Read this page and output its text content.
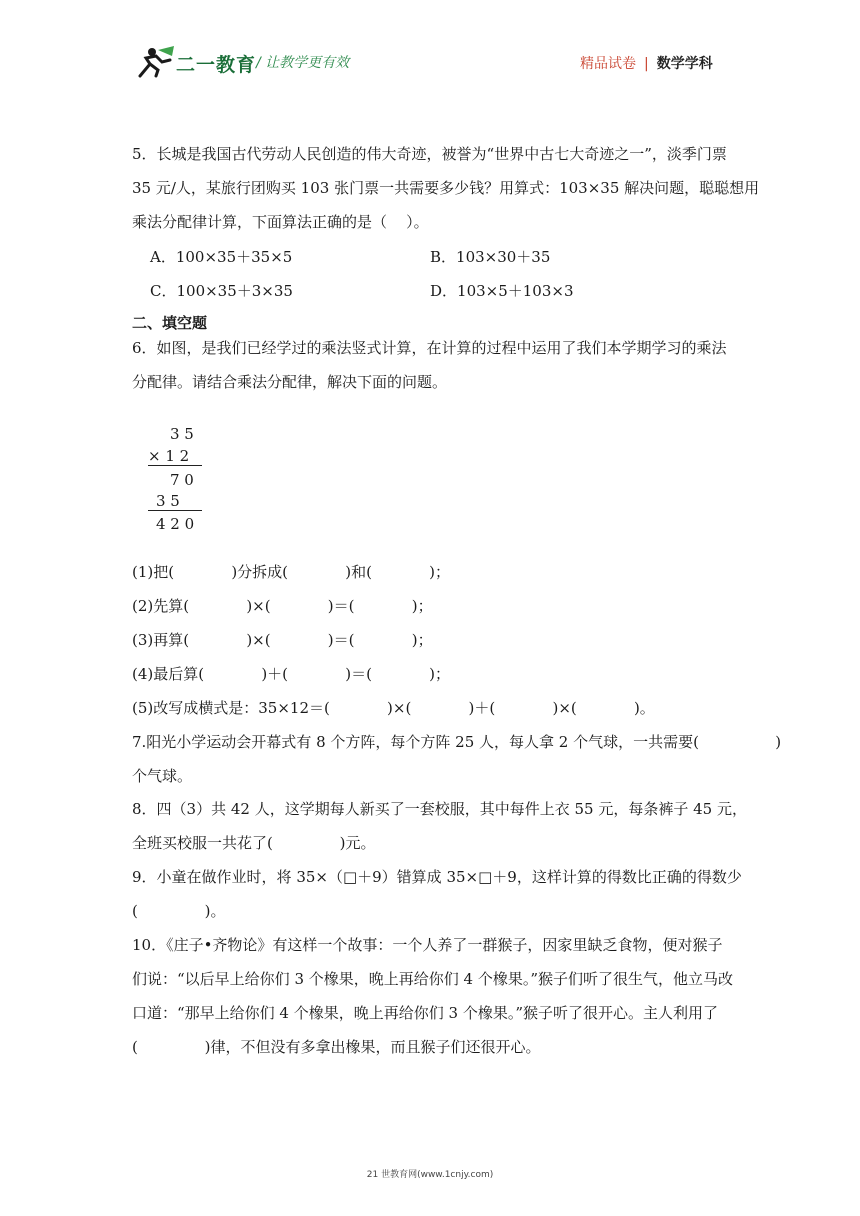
二一教育 / 让教学更有效	精品试卷 | 数学学科
5．长城是我国古代劳动人民创造的伟大奇迹，被誉为“世界中古七大奇迹之一”，淡季门票
35 元/人，某旅行团购买 103 张门票一共需要多少钱？用算式：103×35 解决问题，聪聪想用
乘法分配律计算，下面算法正确的是（    ）。
A．100×35＋35×5	B．103×30＋35
C．100×35＋3×35	D．103×5＋103×3
二、填空题
6．如图，是我们已经学过的乘法竖式计算，在计算的过程中运用了我们本学期学习的乘法
分配律。请结合乘法分配律，解决下面的问题。
3 5
× 1 2
7 0
3 5
4 2 0
(1)把(            )分拆成(            )和(            )；
(2)先算(            )×(            )＝(            )；
(3)再算(            )×(            )＝(            )；
(4)最后算(            )＋(            )＝(            )；
(5)改写成横式是：35×12＝(            )×(            )＋(            )×(            )。
7.阳光小学运动会开幕式有 8 个方阵，每个方阵 25 人，每人拿 2 个气球，一共需要(                )
个气球。
8．四（3）共 42 人，这学期每人新买了一套校服，其中每件上衣 55 元，每条裤子 45 元，
全班买校服一共花了(              )元。
9．小童在做作业时，将 35×（□＋9）错算成 35×□＋9，这样计算的得数比正确的得数少
(              )。
10．《庄子•齐物论》有这样一个故事：一个人养了一群猴子，因家里缺乏食物，便对猴子
们说：“以后早上给你们 3 个橡果，晚上再给你们 4 个橡果。”猴子们听了很生气，他立马改
口道：“那早上给你们 4 个橡果，晚上再给你们 3 个橡果。”猴子听了很开心。主人利用了
(              )律，不但没有多拿出橡果，而且猴子们还很开心。
21 世教育网(www.1cnjy.com)
